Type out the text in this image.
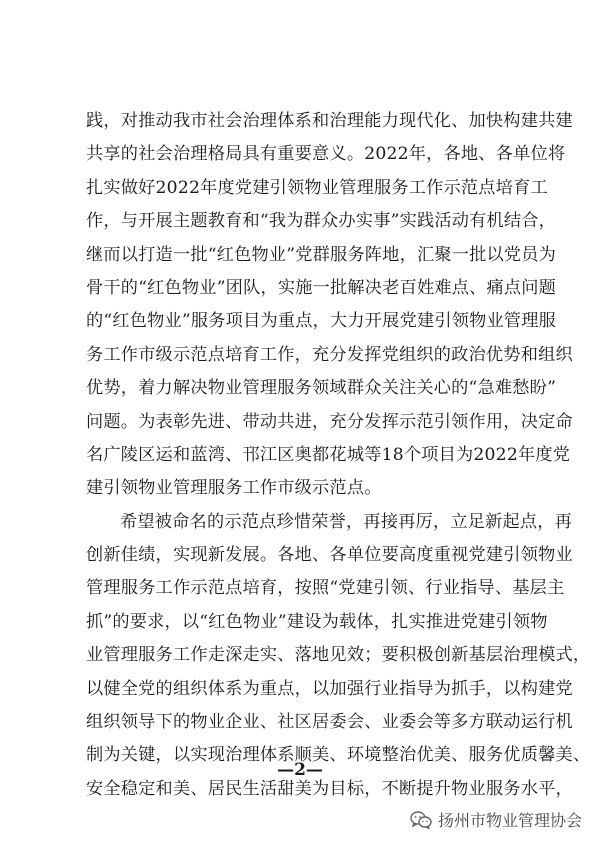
践，对推动我市社会治理体系和治理能力现代化、加快构建共建
共享的社会治理格局具有重要意义。2022年，各地、各单位将
扎实做好2022年度党建引领物业管理服务工作示范点培育工
作，与开展主题教育和“我为群众办实事”实践活动有机结合，
继而以打造一批“红色物业”党群服务阵地，汇聚一批以党员为
骨干的“红色物业”团队，实施一批解决老百姓难点、痛点问题
的“红色物业”服务项目为重点，大力开展党建引领物业管理服
务工作市级示范点培育工作，充分发挥党组织的政治优势和组织
优势，着力解决物业管理服务领域群众关注关心的“急难愁盼”
问题。为表彰先进、带动共进，充分发挥示范引领作用，决定命
名广陵区运和蓝湾、邗江区奥都花城等18个项目为2022年度党
建引领物业管理服务工作市级示范点。
希望被命名的示范点珍惜荣誉，再接再厉，立足新起点，再
创新佳绩，实现新发展。各地、各单位要高度重视党建引领物业
管理服务工作示范点培育，按照“党建引领、行业指导、基层主
抓”的要求，以“红色物业”建设为载体，扎实推进党建引领物
业管理服务工作走深走实、落地见效；要积极创新基层治理模式，
以健全党的组织体系为重点，以加强行业指导为抓手，以构建党
组织领导下的物业企业、社区居委会、业委会等多方联动运行机
制为关键，以实现治理体系顺美、环境整治优美、服务优质馨美、
安全稳定和美、居民生活甜美为目标，不断提升物业服务水平，
—2—
扬州市物业管理协会
